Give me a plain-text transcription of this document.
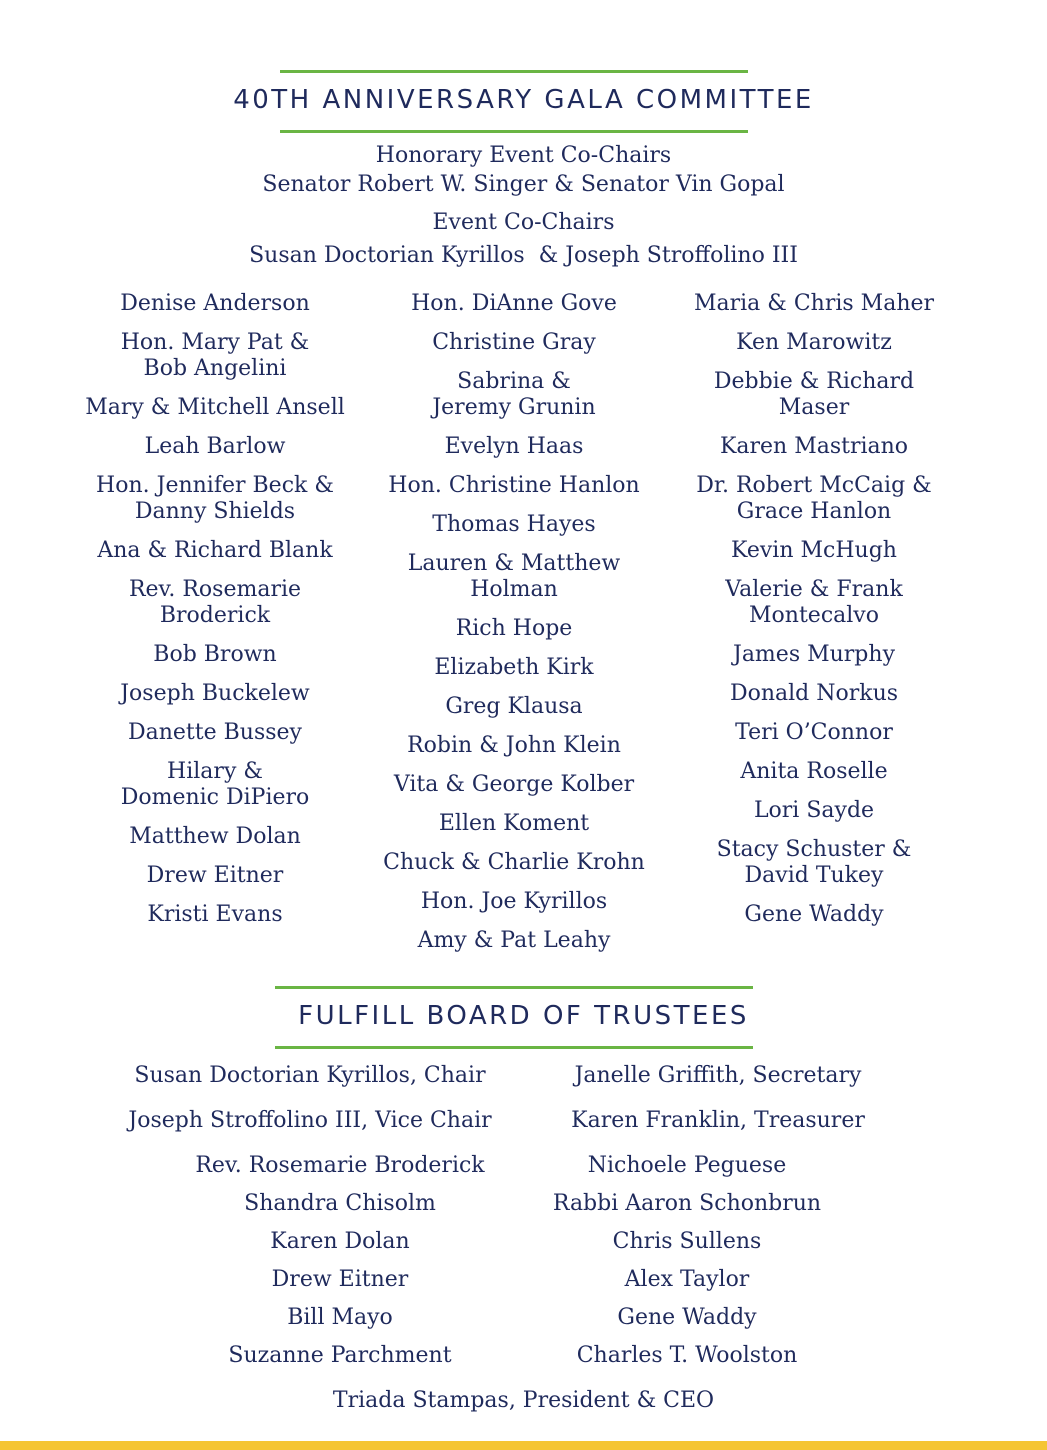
40TH ANNIVERSARY GALA COMMITTEE
Honorary Event Co-Chairs
Senator Robert W. Singer & Senator Vin Gopal
Event Co-Chairs
Susan Doctorian Kyrillos  & Joseph Stroffolino III
Denise Anderson
Hon. Mary Pat &
Bob Angelini
Mary & Mitchell Ansell
Leah Barlow
Hon. Jennifer Beck &
Danny Shields
Ana & Richard Blank
Rev. Rosemarie
Broderick
Bob Brown
Joseph Buckelew
Danette Bussey
Hilary &
Domenic DiPiero
Matthew Dolan
Drew Eitner
Kristi Evans
Hon. DiAnne Gove
Christine Gray
Sabrina &
Jeremy Grunin
Evelyn Haas
Hon. Christine Hanlon
Thomas Hayes
Lauren & Matthew
Holman
Rich Hope
Elizabeth Kirk
Greg Klausa
Robin & John Klein
Vita & George Kolber
Ellen Koment
Chuck & Charlie Krohn
Hon. Joe Kyrillos
Amy & Pat Leahy
Maria & Chris Maher
Ken Marowitz
Debbie & Richard
Maser
Karen Mastriano
Dr. Robert McCaig &
Grace Hanlon
Kevin McHugh
Valerie & Frank
Montecalvo
James Murphy
Donald Norkus
Teri O’Connor
Anita Roselle
Lori Sayde
Stacy Schuster &
David Tukey
Gene Waddy
FULFILL BOARD OF TRUSTEES
Susan Doctorian Kyrillos, Chair	Janelle Griffith, Secretary
Joseph Stroffolino III, Vice Chair	Karen Franklin, Treasurer
Rev. Rosemarie Broderick
Shandra Chisolm
Karen Dolan
Drew Eitner
Bill Mayo
Suzanne Parchment
Nichoele Peguese
Rabbi Aaron Schonbrun
Chris Sullens
Alex Taylor
Gene Waddy
Charles T. Woolston
Triada Stampas, President & CEO
